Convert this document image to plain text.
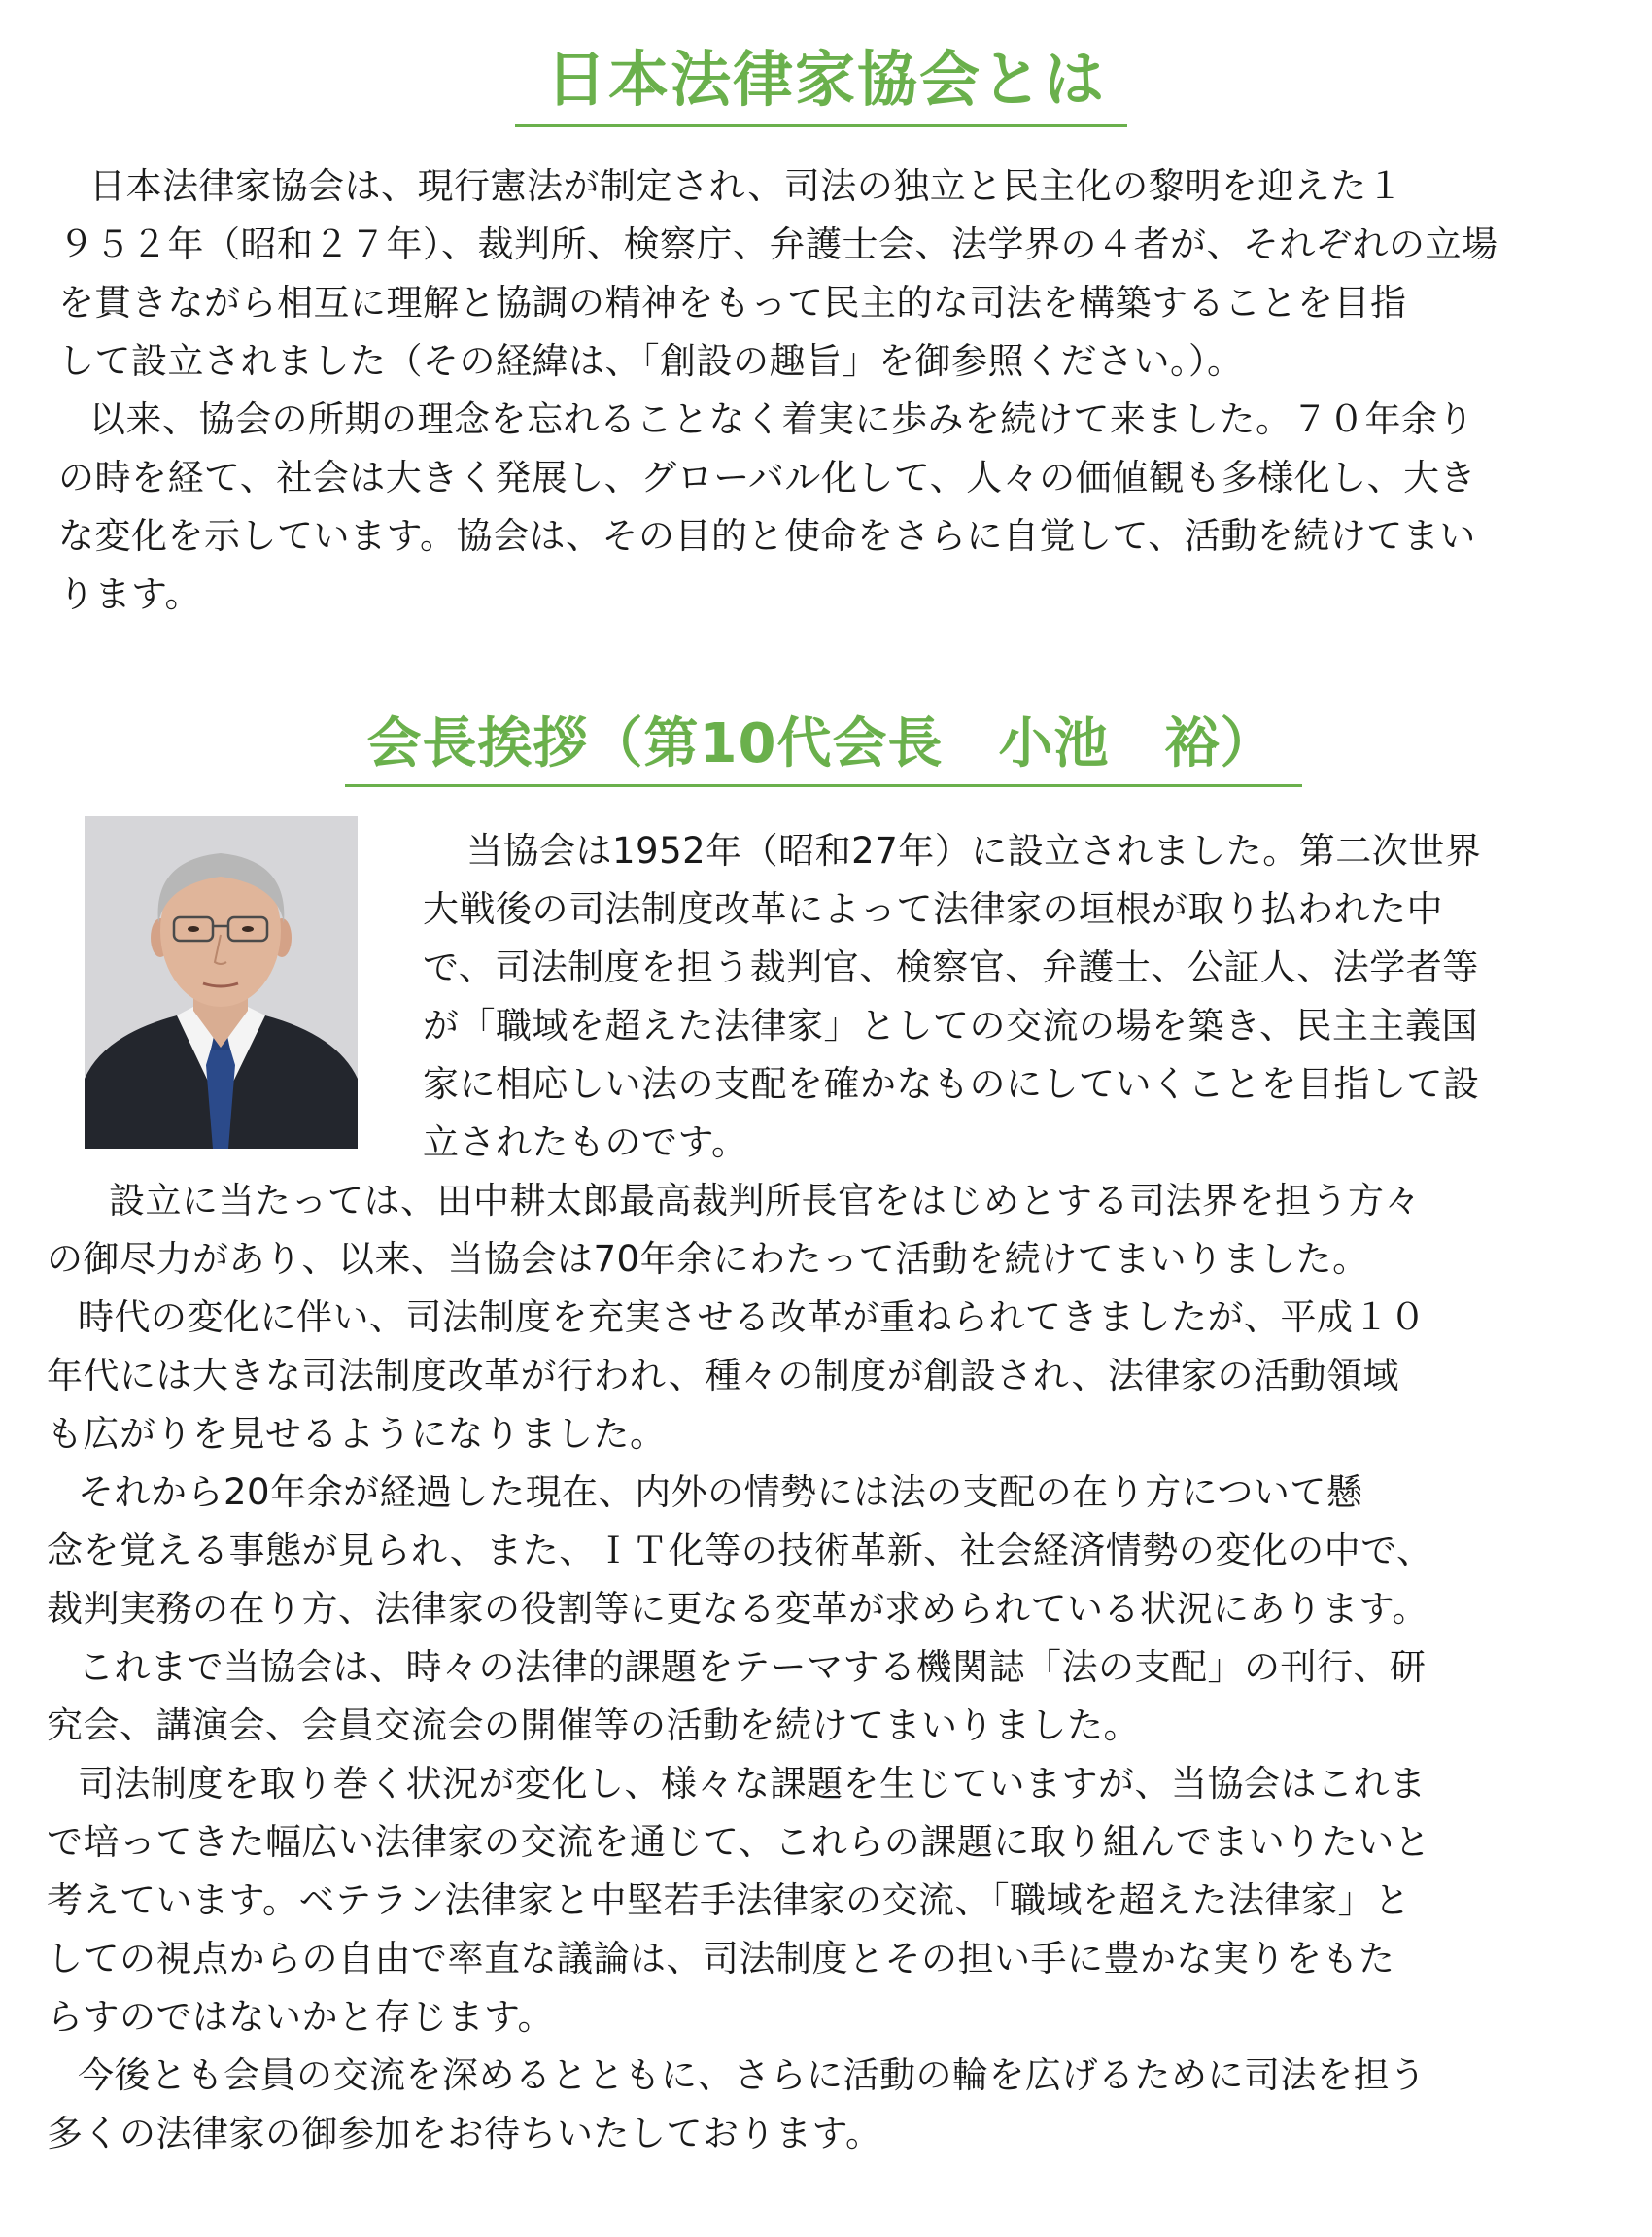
日本法律家協会とは
日本法律家協会は、現行憲法が制定され、司法の独立と民主化の黎明を迎えた１
９５２年（昭和２７年）、裁判所、検察庁、弁護士会、法学界の４者が、それぞれの立場
を貫きながら相互に理解と協調の精神をもって民主的な司法を構築することを目指
して設立されました（その経緯は、「創設の趣旨」を御参照ください。）。
以来、協会の所期の理念を忘れることなく着実に歩みを続けて来ました。７０年余り
の時を経て、社会は大きく発展し、グローバル化して、人々の価値観も多様化し、大き
な変化を示しています。協会は、その目的と使命をさらに自覚して、活動を続けてまい
ります。
会長挨拶（第10代会長　小池　裕）
当協会は1952年（昭和27年）に設立されました。第二次世界
大戦後の司法制度改革によって法律家の垣根が取り払われた中
で、司法制度を担う裁判官、検察官、弁護士、公証人、法学者等
が「職域を超えた法律家」としての交流の場を築き、民主主義国
家に相応しい法の支配を確かなものにしていくことを目指して設
立されたものです。
設立に当たっては、田中耕太郎最高裁判所長官をはじめとする司法界を担う方々
の御尽力があり、以来、当協会は70年余にわたって活動を続けてまいりました。
時代の変化に伴い、司法制度を充実させる改革が重ねられてきましたが、平成１０
年代には大きな司法制度改革が行われ、種々の制度が創設され、法律家の活動領域
も広がりを見せるようになりました。
それから20年余が経過した現在、内外の情勢には法の支配の在り方について懸
念を覚える事態が見られ、また、ＩＴ化等の技術革新、社会経済情勢の変化の中で、
裁判実務の在り方、法律家の役割等に更なる変革が求められている状況にあります。
これまで当協会は、時々の法律的課題をテーマする機関誌「法の支配」の刊行、研
究会、講演会、会員交流会の開催等の活動を続けてまいりました。
司法制度を取り巻く状況が変化し、様々な課題を生じていますが、当協会はこれま
で培ってきた幅広い法律家の交流を通じて、これらの課題に取り組んでまいりたいと
考えています。ベテラン法律家と中堅若手法律家の交流、「職域を超えた法律家」と
しての視点からの自由で率直な議論は、司法制度とその担い手に豊かな実りをもた
らすのではないかと存じます。
今後とも会員の交流を深めるとともに、さらに活動の輪を広げるために司法を担う
多くの法律家の御参加をお待ちいたしております。
